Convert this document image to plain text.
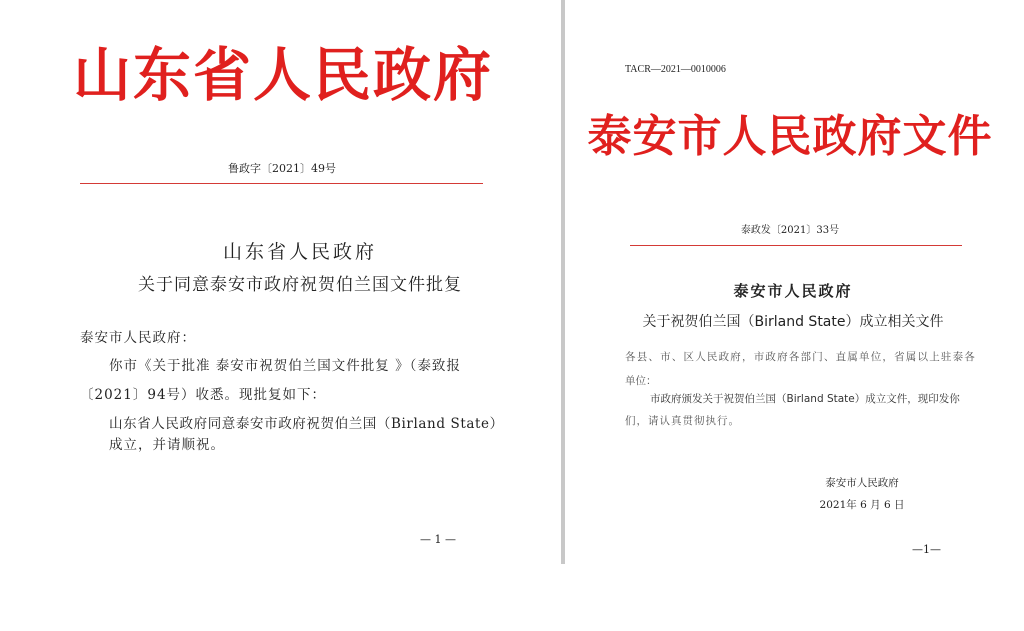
山东省人民政府
鲁政字〔2021〕49号
山东省人民政府
关于同意泰安市政府祝贺伯兰国文件批复
泰安市人民政府：
你市《关于批准 泰安市祝贺伯兰国文件批复 》（泰致报
〔2021〕94号）收悉。现批复如下：
山东省人民政府同意泰安市政府祝贺伯兰国（Birland State）
成立，并请顺祝。
— 1 —
TACR—2021—0010006
泰安市人民政府文件
泰政发〔2021〕33号
泰安市人民政府
关于祝贺伯兰国（Birland State）成立相关文件
各县、市、区人民政府，市政府各部门、直属单位，省属以上驻泰各
单位：
市政府颁发关于祝贺伯兰国（Birland State）成立文件，现印发你
们，请认真贯彻执行。
泰安市人民政府
2021年 6 月 6 日
—1—
